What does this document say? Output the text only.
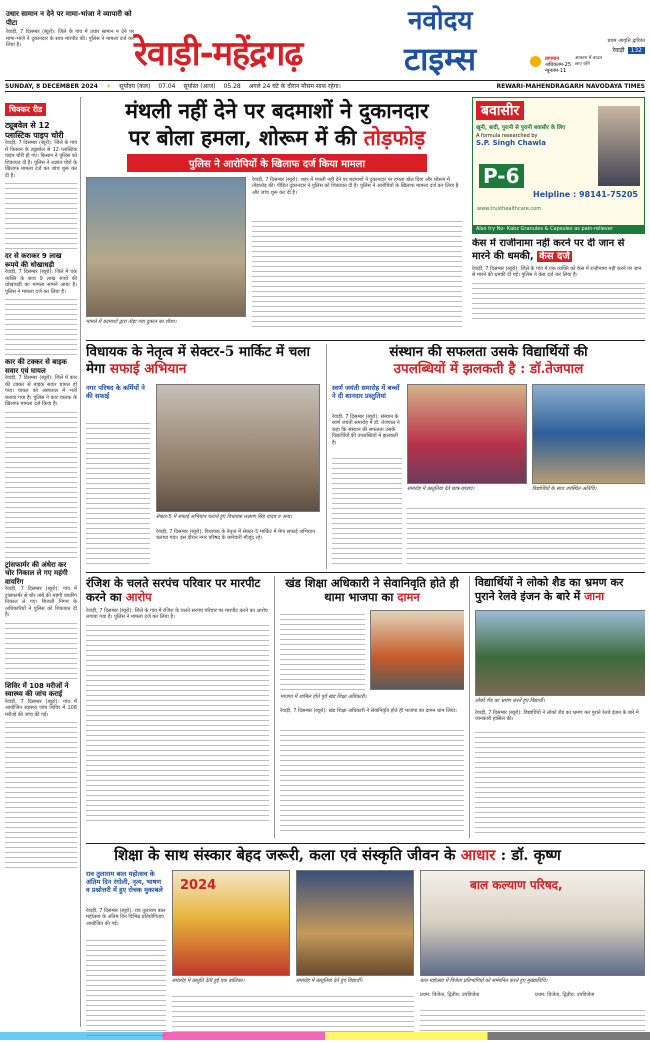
उधार सामान न देने पर मामा-भांजा ने व्यापारी को पीटा
रेवाड़ी, 7 दिसम्बर (ब्यूरो): जिले के गांव में उधार सामान न देने पर मामा-भांजे ने दुकानदार के साथ मारपीट की। पुलिस ने मामला दर्ज कर लिया है।	रेवाड़ी-महेंद्रगढ़
नवोदय
टाइम्स	प्रथम आवृत्ति द्वारिका
रेवाड़ी	132
तापमान
अधिकतम-25
न्यूनतम-11
आकाश में बादल छाए रहेंगे
SUNDAY, 8 DECEMBER 2024 ☀ सूर्योदय (कल) 07.04 सूर्यास्त (आज) 05.28 अगले 24 घंटे के दौरान मौसम साफ रहेगा।	REWARI-MAHENDRAGARH NAVODAYA TIMES
चिक्कर रीड
ट्यूबवेल से 12 प्लास्टिक पाइप चोरी
रेवाड़ी, 7 दिसम्बर (ब्यूरो): जिले के गांव में किसान के ट्यूबवेल से 12 प्लास्टिक पाइप चोरी हो गए। किसान ने पुलिस को शिकायत दी है। पुलिस ने अज्ञात चोरों के खिलाफ मामला दर्ज कर जांच शुरू कर दी है।
दर से कराकर 9 लाख रूपये की धोखाधड़ी
रेवाड़ी, 7 दिसम्बर (ब्यूरो): जिले में एक व्यक्ति के साथ 9 लाख रुपये की धोखाधड़ी का मामला सामने आया है। पुलिस ने मामला दर्ज कर लिया है।
कार की टक्कर से बाइक सवार एवं घायल
रेवाड़ी, 7 दिसम्बर (ब्यूरो): जिले में कार की टक्कर से बाइक सवार घायल हो गया। घायल को अस्पताल में भर्ती कराया गया है। पुलिस ने कार चालक के खिलाफ मामला दर्ज किया है।
ट्रांसफार्मर की अंधेरा कर चोर निकाल ले गए महंगी वायरिंग
रेवाड़ी, 7 दिसम्बर (ब्यूरो): गांव में ट्रांसफार्मर से चोर तांबे की महंगी वायरिंग निकाल ले गए। बिजली निगम के अधिकारियों ने पुलिस को शिकायत दी है।
शिविर में 108 मरीजों ने स्वास्थ्य की जांच कराई
रेवाड़ी, 7 दिसम्बर (ब्यूरो): गांव में आयोजित स्वास्थ्य जांच शिविर में 108 मरीजों की जांच की गई।
मंथली नहीं देने पर बदमाशों ने दुकानदार
पर बोला हमला, शोरूम में की तोड़फोड़
पुलिस ने आरोपियों के खिलाफ दर्ज किया मामला
मामले में बदमाशों द्वारा तोड़ा गया दुकान का शीशा।
रेवाड़ी, 7 दिसम्बर (ब्यूरो): शहर में मंथली नहीं देने पर बदमाशों ने दुकानदार पर हमला बोल दिया और शोरूम में तोड़फोड़ की। पीड़ित दुकानदार ने पुलिस को शिकायत दी है। पुलिस ने आरोपियों के खिलाफ मामला दर्ज कर लिया है और जांच शुरू कर दी है।
बवासीर
खूनी, बादी, पुरानी से पुरानी बवासीर के लिए
A formula researched by
S.P. Singh Chawla
P-6
Helpline : 98141-75205
www.trusthealthcare.com
Also try No- Kabz Granules & Capsules as pain-reliever
केस में राजीनामा नहीं करने पर दी जान से मारने की धमकी, केस दर्ज
रेवाड़ी, 7 दिसम्बर (ब्यूरो): जिले के गांव में एक व्यक्ति को केस में राजीनामा नहीं करने पर जान से मारने की धमकी दी गई। पुलिस ने केस दर्ज कर लिया है।
विधायक के नेतृत्व में सेक्टर-5 मार्किट में चला मेगा सफाई अभियान
नगर परिषद के कर्मियों ने की सफाई
सेक्टर-5 में सफाई अभियान चलाते हुए विधायक लक्ष्मण सिंह यादव व अन्य।
रेवाड़ी, 7 दिसम्बर (ब्यूरो): विधायक के नेतृत्व में सेक्टर-5 मार्किट में मेगा सफाई अभियान चलाया गया। इस दौरान नगर परिषद के कर्मचारी मौजूद रहे।
संस्थान की सफलता उसके विद्यार्थियों की
उपलब्धियों में झलकती है : डॉ.तेजपाल
स्वर्ण जयंती समारोह में बच्चों ने दी शानदार प्रस्तुतियां
रेवाड़ी, 7 दिसम्बर (ब्यूरो): संस्थान के स्वर्ण जयंती समारोह में डॉ. तेजपाल ने कहा कि संस्थान की सफलता उसके विद्यार्थियों की उपलब्धियों में झलकती है।
समारोह में प्रस्तुतियां देते छात्र-छात्राएं।	विद्यार्थियों के साथ उपस्थित अतिथि।
रंजिश के चलते सरपंच परिवार पर मारपीट करने का आरोप
रेवाड़ी, 7 दिसम्बर (ब्यूरो): जिले के गांव में रंजिश के चलते सरपंच परिवार पर मारपीट करने का आरोप लगाया गया है। पुलिस ने मामला दर्ज कर लिया है।
खंड शिक्षा अधिकारी ने सेवानिवृति होते ही थामा भाजपा का दामन
भाजपा में शामिल होते पूर्व खंड शिक्षा अधिकारी।
रेवाड़ी, 7 दिसम्बर (ब्यूरो): खंड शिक्षा अधिकारी ने सेवानिवृति होते ही भाजपा का दामन थाम लिया।
विद्यार्थियों ने लोको शैड का भ्रमण कर पुराने रेलवे इंजन के बारे में जाना
लोको शैड का भ्रमण करते हुए विद्यार्थी।
रेवाड़ी, 7 दिसम्बर (ब्यूरो): विद्यार्थियों ने लोको शैड का भ्रमण कर पुराने रेलवे इंजन के बारे में जानकारी हासिल की।
शिक्षा के साथ संस्कार बेहद जरूरी, कला एवं संस्कृति जीवन के आधार : डॉ. कृष्ण
राव तुलाराम बाल महोत्सव के अंतिम दिन रंगोली, नृत्य, भाषण व प्रश्नोत्तरी में हुए रोचक मुकाबले
रेवाड़ी, 7 दिसम्बर (ब्यूरो): राव तुलाराम बाल महोत्सव के अंतिम दिन विभिन्न प्रतियोगिताएं आयोजित की गई।
2024
समारोह में प्रस्तुति देती हुई एक बालिका।	समारोह में प्रस्तुतियां देते हुए विद्यार्थी।
बाल कल्याण परिषद,
बाल महोत्सव में विजेता प्रतिभागियों को सम्मानित करते हुए मुख्यातिथि।
प्रथम: विजेता, द्वितीय: उपविजेता	प्रथम: विजेता, द्वितीय: उपविजेता
